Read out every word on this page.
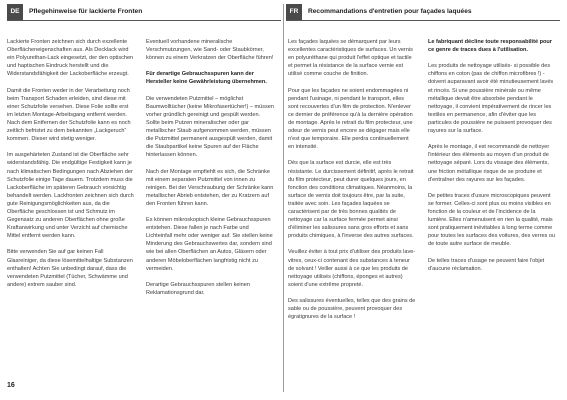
DE	Pflegehinweise für lackierte Fronten

Lackierte Fronten zeichnen sich durch exzellente Oberflächeneigenschaften aus. Als Decklack wird ein Polyurethan-Lack eingesetzt, der den optischen und haptischen Eindruck herstellt und die Widerstandsfähigkeit der Lackoberfläche erzeugt.

Damit die Fronten weder in der Verarbeitung noch beim Transport Schaden erleiden, sind diese mit einer Schutzfolie versehen. Diese Folie sollte erst im letzten Montage-Arbeitsgang entfernt werden. Nach dem Entfernen der Schutzfolie kann es noch zeitlich befristet zu dem bekannten „Lackgeruch“ kommen. Dieser wird stetig weniger.

Im ausgehärteten Zustand ist die Oberfläche sehr widerstandsfähig. Die endgültige Festigkeit kann je nach klimatischen Bedingungen nach Abziehen der Schutzfolie einige Tage dauern. Trotzdem muss die Lackoberfläche im späteren Gebrauch vorsichtig behandelt werden. Lackfronten zeichnen sich durch gute Reinigungsmöglichkeiten aus, da die Oberfläche geschlossen ist und Schmutz im Gegensatz zu anderen Oberflächen ohne große Kraftanwirkung und unter Verzicht auf chemische Mittel entfernt werden kann.

Bitte verwenden Sie auf gar keinen Fall Glasreiniger, da diese lösemittelhaltige Substanzen enthalten! Achten Sie unbedingt darauf, dass die verwendeten Putzmittel (Tücher, Schwämme und andere) extrem sauber sind.

Eventuell vorhandene mineralische Verschmutzungen, wie Sand- oder Staubkörner, können zu einem Verkratzen der Oberfläche führen!

Für derartige Gebrauchsspuren kann der Hersteller keine Gewährleistung übernehmen.

Die verwendeten Putzmittel – möglichst Baumwolltücher (keine Mikrofasertücher!) – müssen vorher gründlich gereinigt und gespült werden. Sollte beim Putzen mineralischer oder gar metallischer Staub aufgenommen werden, müssen die Putzmittel permanent ausgespült werden, damit die Staubpartikel keine Spuren auf der Fläche hinterlassen können.

Nach der Montage empfiehlt es sich, die Schränke mit einem separaten Putzmittel von innen zu reinigen. Bei der Verschraubung der Schränke kann metallischer Abrieb entstehen, der zu Kratzern auf den Fronten führen kann.

Es können mikroskopisch kleine Gebrauchsspuren entstehen. Diese fallen je nach Farbe und Lichteinfall mehr oder weniger auf. Sie stellen keine Minderung des Gebrauchswertes dar, sondern sind wie bei allen Oberflächen an Autos, Gläsern oder anderen Möbeloberflächen langfristig nicht zu vermeiden.

Derartige Gebrauchsspuren stellen keinen Reklamationsgrund dar.

FR	Recommandations d'entretien pour façades laquées

Les façades laquées se démarquent par leurs excellentes caractéristiques de surfaces. Un vernis en polyuréthane qui produit l'effet optique et tactile et permet la résistance de la surface vernie est utilisé comme couche de finition.

Pour que les façades ne soient endommagées ni pendant l'usinage, ni pendant le transport, elles sont recouvertes d'un film de protection. N'enlever ce dernier de préférence qu'à la dernière opération de montage. Après le retrait du film protecteur, une odeur de vernis peut encore se dégager mais elle n'est que temporaire. Elle perdra continuellement en intensité.

Dès que la surface est durcie, elle est très résistante. Le durcissement définitif, après le retrait du film protecteur, peut durer quelques jours, en fonction des conditions climatiques. Néanmoins, la surface de vernis doit toujours être, par la suite, traitée avec soin. Les façades laquées se caractérisent par de très bonnes qualités de nettoyage car la surface fermée permet ainsi d'éliminer les salissures sans gros efforts et sans produits chimiques, à l'inverse des autres surfaces.

Veuillez éviter à tout prix d'utiliser des produits lave-vitres, ceux-ci contenant des substances à teneur de solvant ! Veiller aussi à ce que les produits de nettoyage utilisés (chiffons, éponges et autres) soient d'une extrême propreté.

Des salissures éventuelles, telles que des grains de sable ou de poussière, peuvent provoquer des égratignures de la surface !

Le fabriquant décline toute responsabilité pour ce genre de traces dues à l'utilisation.

Les produits de nettoyage utilisés- si possible des chiffons en coton (pas de chiffon microfibres !) - doivent auparavant avoir été minutieusement lavés et rincés. Si une poussière minérale ou même métallique devait être absorbée pendant le nettoyage, il convient impérativement de rincer les textiles en permanence, afin d'éviter que les particules de poussière ne puissent provoquer des rayures sur la surface.

Après le montage, il est recommandé de nettoyer l'intérieur des éléments au moyen d'un produit de nettoyage séparé. Lors du vissage des éléments, une friction métallique risque de se produire et d'entraîner des rayures sur les façades.

De petites traces d'usure microscopiques peuvent se former. Celles-ci sont plus ou moins visibles en fonction de la couleur et de l'incidence de la lumière. Elles n'amenuisent en rien la qualité, mais sont pratiquement inévitables à long terme comme pour toutes les surfaces des voitures, des verres ou de toute autre surface de meuble.

De telles traces d'usage ne peuvent faire l'objet d'aucune réclamation.

16
